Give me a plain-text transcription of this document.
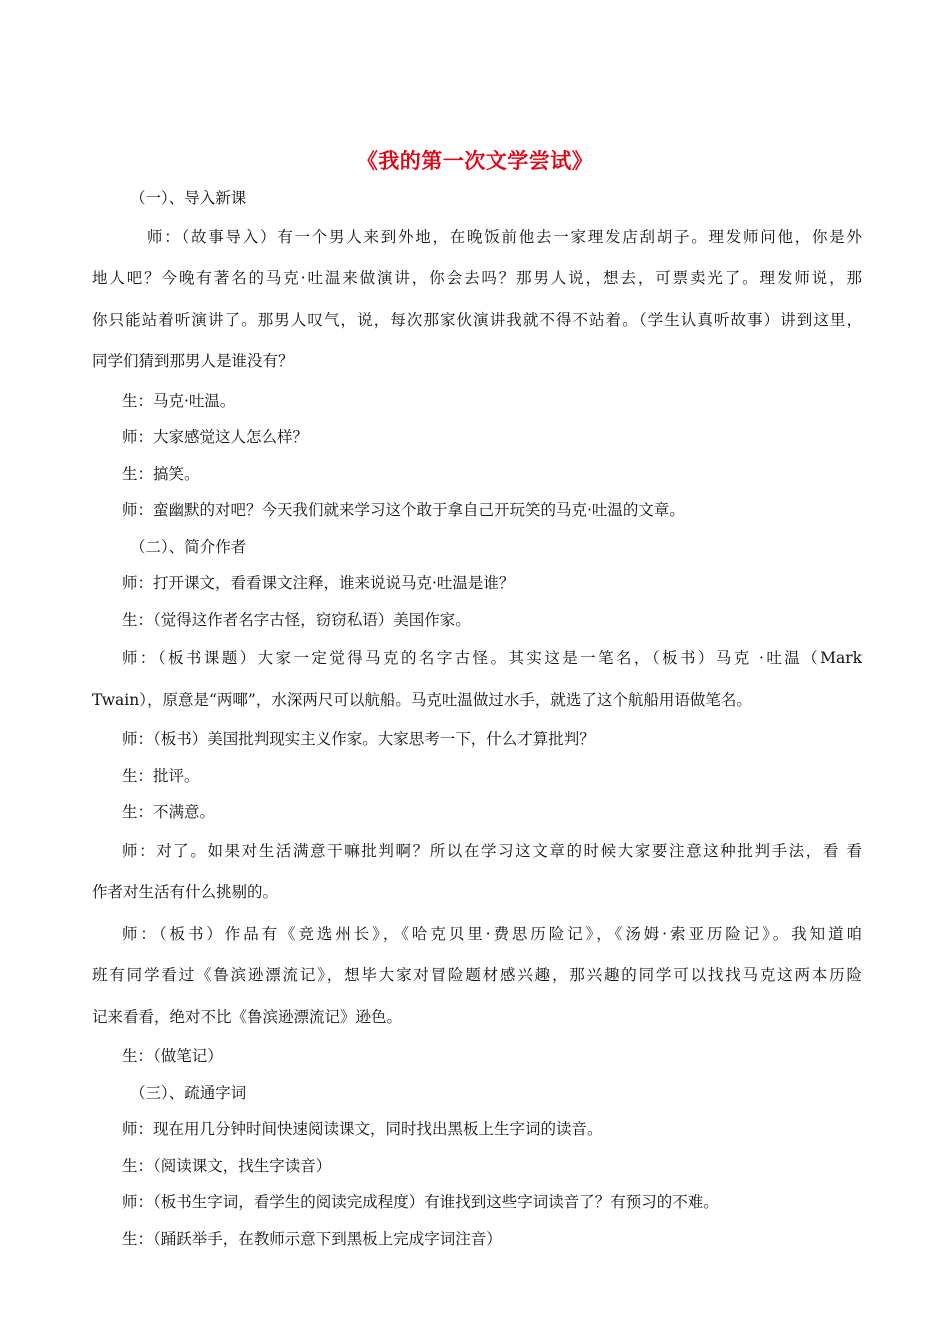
《我的第一次文学尝试》
（一）、导入新课
师：（故事导入）有一个男人来到外地，在晚饭前他去一家理发店刮胡子。理发师问他，你是外
地人吧？今晚有著名的马克·吐温来做演讲，你会去吗？那男人说，想去，可票卖光了。理发师说，那
你只能站着听演讲了。那男人叹气，说，每次那家伙演讲我就不得不站着。（学生认真听故事）讲到这里，
同学们猜到那男人是谁没有？
生：马克·吐温。
师：大家感觉这人怎么样？
生：搞笑。
师：蛮幽默的对吧？今天我们就来学习这个敢于拿自己开玩笑的马克·吐温的文章。
（二）、简介作者
师：打开课文，看看课文注释，谁来说说马克·吐温是谁？
生：（觉得这作者名字古怪，窃窃私语）美国作家。
师：（板书课题）大家一定觉得马克的名字古怪。其实这是一笔名，（板书）马克 ·吐温（Mark
Twain），原意是“两㖿”，水深两尺可以航船。马克吐温做过水手，就选了这个航船用语做笔名。
师：（板书）美国批判现实主义作家。大家思考一下，什么才算批判？
生：批评。
生：不满意。
师：对了。如果对生活满意干嘛批判啊？所以在学习这文章的时候大家要注意这种批判手法，看 看
作者对生活有什么挑剔的。
师：（板书）作品有《竞选州长》，《哈克贝里·费思历险记》，《汤姆·索亚历险记》。我知道咱
班有同学看过《鲁滨逊漂流记》，想毕大家对冒险题材感兴趣，那兴趣的同学可以找找马克这两本历险
记来看看，绝对不比《鲁滨逊漂流记》逊色。
生：（做笔记）
（三）、疏通字词
师：现在用几分钟时间快速阅读课文，同时找出黑板上生字词的读音。
生：（阅读课文，找生字读音）
师：（板书生字词，看学生的阅读完成程度）有谁找到这些字词读音了？有预习的不难。
生：（踊跃举手，在教师示意下到黑板上完成字词注音）
